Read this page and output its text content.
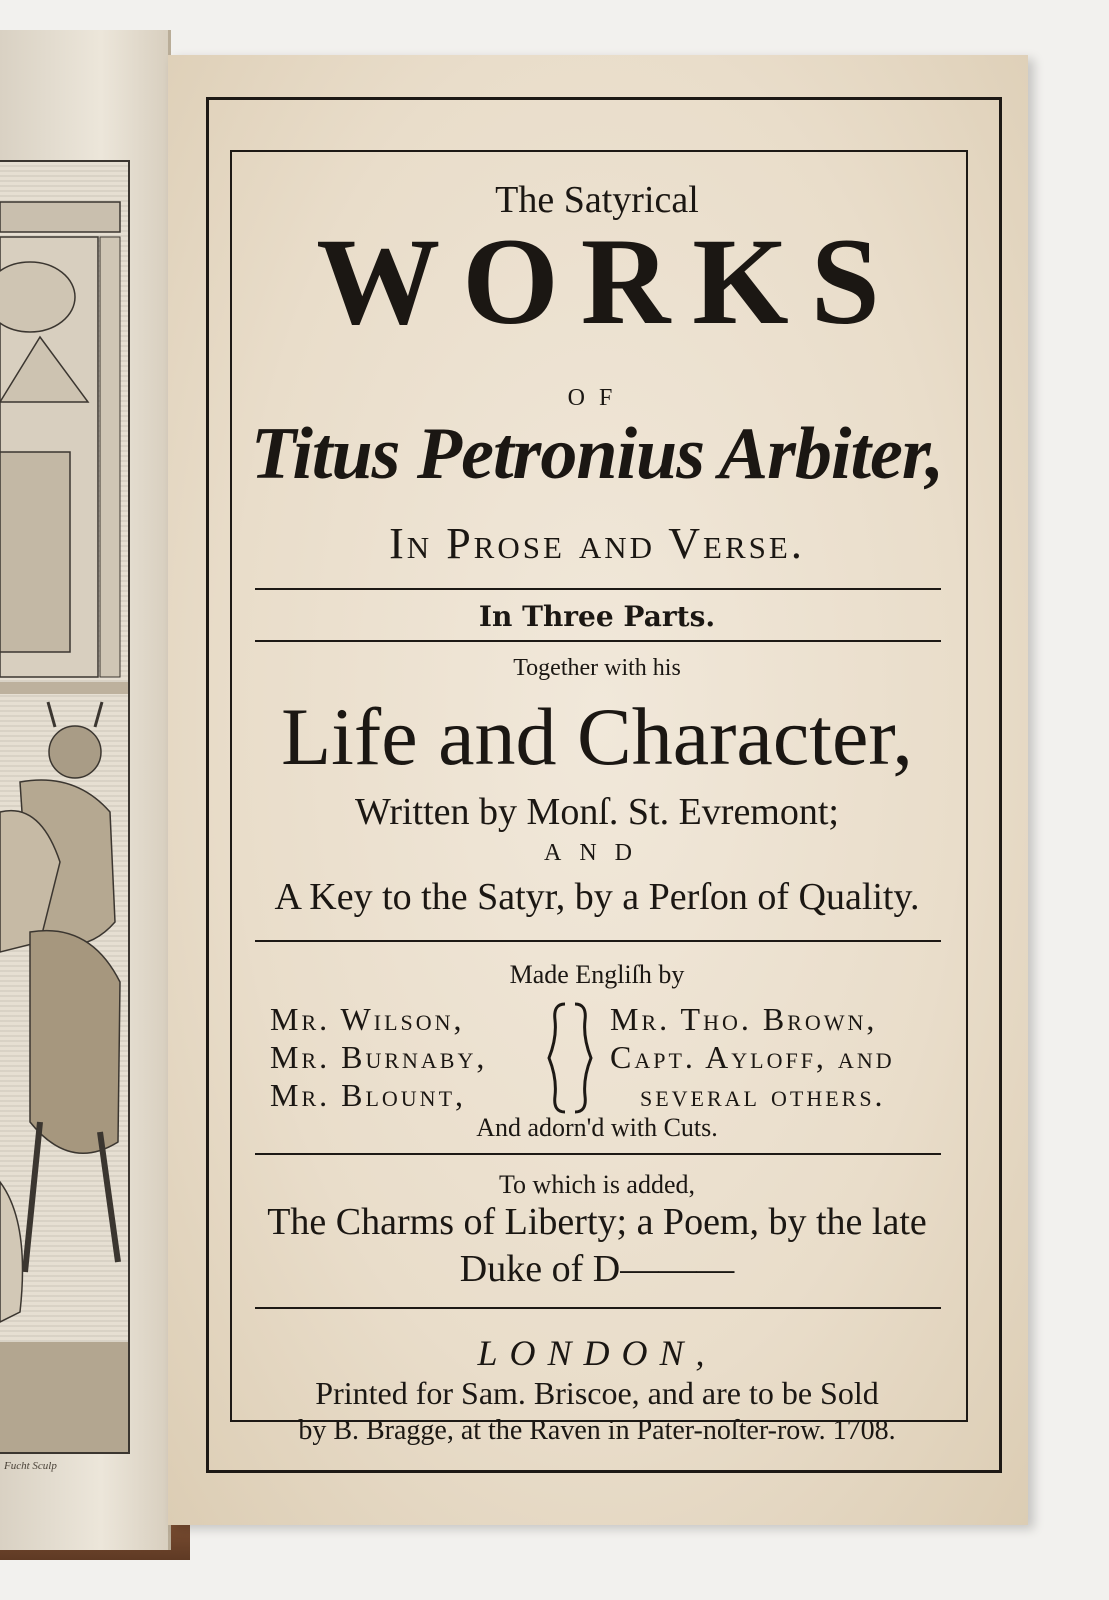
Fucht Sculp
The Satyrical
WORKS
OF
Titus Petronius Arbiter,
In Prose and Verse.
In Three Parts.
Together with his
Life and Character,
Written by Monſ. St. Evremont;
AND
A Key to the Satyr, by a Perſon of Quality.
Made Engliſh by
Mr. Wilson,
Mr. Burnaby,
Mr. Blount,
Mr. Tho. Brown,
Capt. Ayloff, and
ſeveral others.
And adorn'd with Cuts.
To which is added,
The Charms of Liberty; a Poem, by the late
Duke of D———
LONDON,
Printed for Sam. Briscoe, and are to be Sold
by B. Bragge, at the Raven in Pater-noſter-row. 1708.
